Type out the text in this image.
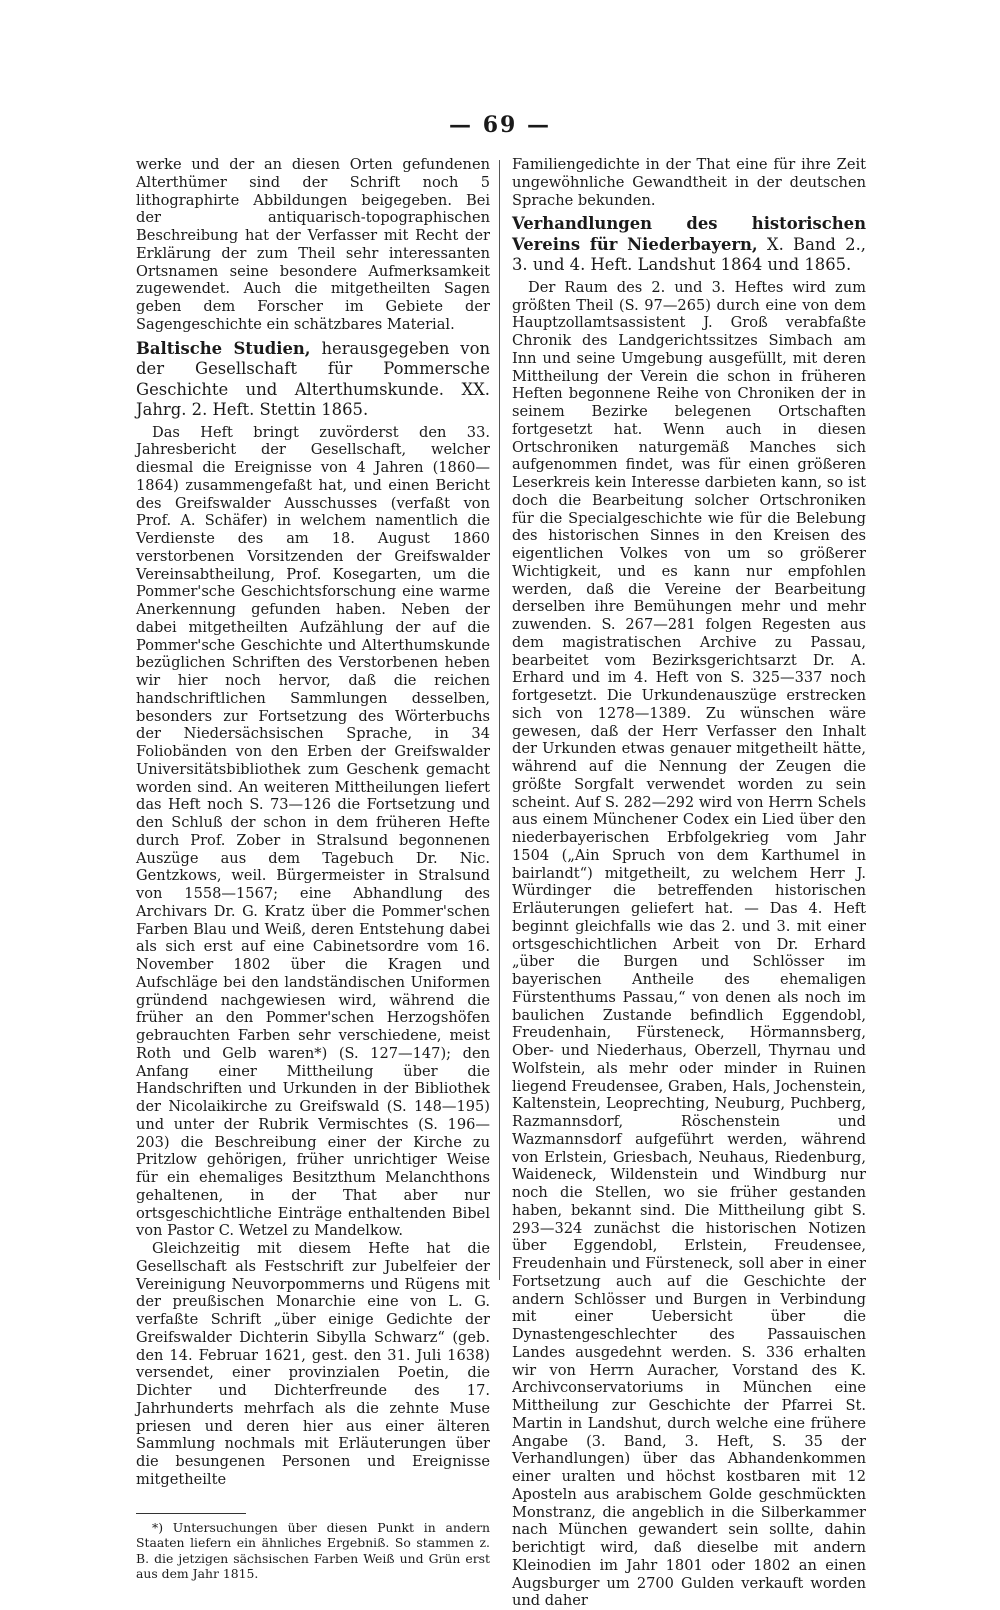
— 69 —

werke und der an diesen Orten gefundenen Alterthümer sind der Schrift noch 5 lithographirte Abbildungen beigegeben. Bei der antiquarisch-topographischen Beschreibung hat der Verfasser mit Recht der Erklärung der zum Theil sehr interessanten Ortsnamen seine besondere Aufmerksamkeit zugewendet. Auch die mitgetheilten Sagen geben dem Forscher im Gebiete der Sagengeschichte ein schätzbares Material.

Baltische Studien, herausgegeben von der Gesellschaft für Pommersche Geschichte und Alterthumskunde. XX. Jahrg. 2. Heft. Stettin 1865.

Das Heft bringt zuvörderst den 33. Jahresbericht der Gesellschaft, welcher diesmal die Ereignisse von 4 Jahren (1860—1864) zusammengefaßt hat, und einen Bericht des Greifswalder Ausschusses (verfaßt von Prof. A. Schäfer) in welchem namentlich die Verdienste des am 18. August 1860 verstorbenen Vorsitzenden der Greifswalder Vereinsabtheilung, Prof. Kosegarten, um die Pommer'sche Geschichtsforschung eine warme Anerkennung gefunden haben. Neben der dabei mitgetheilten Aufzählung der auf die Pommer'sche Geschichte und Alterthumskunde bezüglichen Schriften des Verstorbenen heben wir hier noch hervor, daß die reichen handschriftlichen Sammlungen desselben, besonders zur Fortsetzung des Wörterbuchs der Niedersächsischen Sprache, in 34 Foliobänden von den Erben der Greifswalder Universitätsbibliothek zum Geschenk gemacht worden sind. An weiteren Mittheilungen liefert das Heft noch S. 73—126 die Fortsetzung und den Schluß der schon in dem früheren Hefte durch Prof. Zober in Stralsund begonnenen Auszüge aus dem Tagebuch Dr. Nic. Gentzkows, weil. Bürgermeister in Stralsund von 1558—1567; eine Abhandlung des Archivars Dr. G. Kratz über die Pommer'schen Farben Blau und Weiß, deren Entstehung dabei als sich erst auf eine Cabinetsordre vom 16. November 1802 über die Kragen und Aufschläge bei den landständischen Uniformen gründend nachgewiesen wird, während die früher an den Pommer'schen Herzogshöfen gebrauchten Farben sehr verschiedene, meist Roth und Gelb waren*) (S. 127—147); den Anfang einer Mittheilung über die Handschriften und Urkunden in der Bibliothek der Nicolaikirche zu Greifswald (S. 148—195) und unter der Rubrik Vermischtes (S. 196—203) die Beschreibung einer der Kirche zu Pritzlow gehörigen, früher unrichtiger Weise für ein ehemaliges Besitzthum Melanchthons gehaltenen, in der That aber nur ortsgeschichtliche Einträge enthaltenden Bibel von Pastor C. Wetzel zu Mandelkow.

Gleichzeitig mit diesem Hefte hat die Gesellschaft als Festschrift zur Jubelfeier der Vereinigung Neuvorpommerns und Rügens mit der preußischen Monarchie eine von L. G. verfaßte Schrift „über einige Gedichte der Greifswalder Dichterin Sibylla Schwarz“ (geb. den 14. Februar 1621, gest. den 31. Juli 1638) versendet, einer provinzialen Poetin, die Dichter und Dichterfreunde des 17. Jahrhunderts mehrfach als die zehnte Muse priesen und deren hier aus einer älteren Sammlung nochmals mit Erläuterungen über die besungenen Personen und Ereignisse mitgetheilte

*) Untersuchungen über diesen Punkt in andern Staaten liefern ein ähnliches Ergebniß. So stammen z. B. die jetzigen sächsischen Farben Weiß und Grün erst aus dem Jahr 1815.

Familiengedichte in der That eine für ihre Zeit ungewöhnliche Gewandtheit in der deutschen Sprache bekunden.

Verhandlungen des historischen Vereins für Niederbayern, X. Band 2., 3. und 4. Heft. Landshut 1864 und 1865.

Der Raum des 2. und 3. Heftes wird zum größten Theil (S. 97—265) durch eine von dem Hauptzollamtsassistent J. Groß verabfaßte Chronik des Landgerichtssitzes Simbach am Inn und seine Umgebung ausgefüllt, mit deren Mittheilung der Verein die schon in früheren Heften begonnene Reihe von Chroniken der in seinem Bezirke belegenen Ortschaften fortgesetzt hat. Wenn auch in diesen Ortschroniken naturgemäß Manches sich aufgenommen findet, was für einen größeren Leserkreis kein Interesse darbieten kann, so ist doch die Bearbeitung solcher Ortschroniken für die Specialgeschichte wie für die Belebung des historischen Sinnes in den Kreisen des eigentlichen Volkes von um so größerer Wichtigkeit, und es kann nur empfohlen werden, daß die Vereine der Bearbeitung derselben ihre Bemühungen mehr und mehr zuwenden. S. 267—281 folgen Regesten aus dem magistratischen Archive zu Passau, bearbeitet vom Bezirksgerichtsarzt Dr. A. Erhard und im 4. Heft von S. 325—337 noch fortgesetzt. Die Urkundenauszüge erstrecken sich von 1278—1389. Zu wünschen wäre gewesen, daß der Herr Verfasser den Inhalt der Urkunden etwas genauer mitgetheilt hätte, während auf die Nennung der Zeugen die größte Sorgfalt verwendet worden zu sein scheint. Auf S. 282—292 wird von Herrn Schels aus einem Münchener Codex ein Lied über den niederbayerischen Erbfolgekrieg vom Jahr 1504 („Ain Spruch von dem Karthumel in bairlandt“) mitgetheilt, zu welchem Herr J. Würdinger die betreffenden historischen Erläuterungen geliefert hat. — Das 4. Heft beginnt gleichfalls wie das 2. und 3. mit einer ortsgeschichtlichen Arbeit von Dr. Erhard „über die Burgen und Schlösser im bayerischen Antheile des ehemaligen Fürstenthums Passau,“ von denen als noch im baulichen Zustande befindlich Eggendobl, Freudenhain, Fürsteneck, Hörmannsberg, Ober- und Niederhaus, Oberzell, Thyrnau und Wolfstein, als mehr oder minder in Ruinen liegend Freudensee, Graben, Hals, Jochenstein, Kaltenstein, Leoprechting, Neuburg, Puchberg, Razmannsdorf, Röschenstein und Wazmannsdorf aufgeführt werden, während von Erlstein, Griesbach, Neuhaus, Riedenburg, Waideneck, Wildenstein und Windburg nur noch die Stellen, wo sie früher gestanden haben, bekannt sind. Die Mittheilung gibt S. 293—324 zunächst die historischen Notizen über Eggendobl, Erlstein, Freudensee, Freudenhain und Fürsteneck, soll aber in einer Fortsetzung auch auf die Geschichte der andern Schlösser und Burgen in Verbindung mit einer Uebersicht über die Dynastengeschlechter des Passauischen Landes ausgedehnt werden. S. 336 erhalten wir von Herrn Auracher, Vorstand des K. Archivconservatoriums in München eine Mittheilung zur Geschichte der Pfarrei St. Martin in Landshut, durch welche eine frühere Angabe (3. Band, 3. Heft, S. 35 der Verhandlungen) über das Abhandenkommen einer uralten und höchst kostbaren mit 12 Aposteln aus arabischem Golde geschmückten Monstranz, die angeblich in die Silberkammer nach München gewandert sein sollte, dahin berichtigt wird, daß dieselbe mit andern Kleinodien im Jahr 1801 oder 1802 an einen Augsburger um 2700 Gulden verkauft worden und daher
